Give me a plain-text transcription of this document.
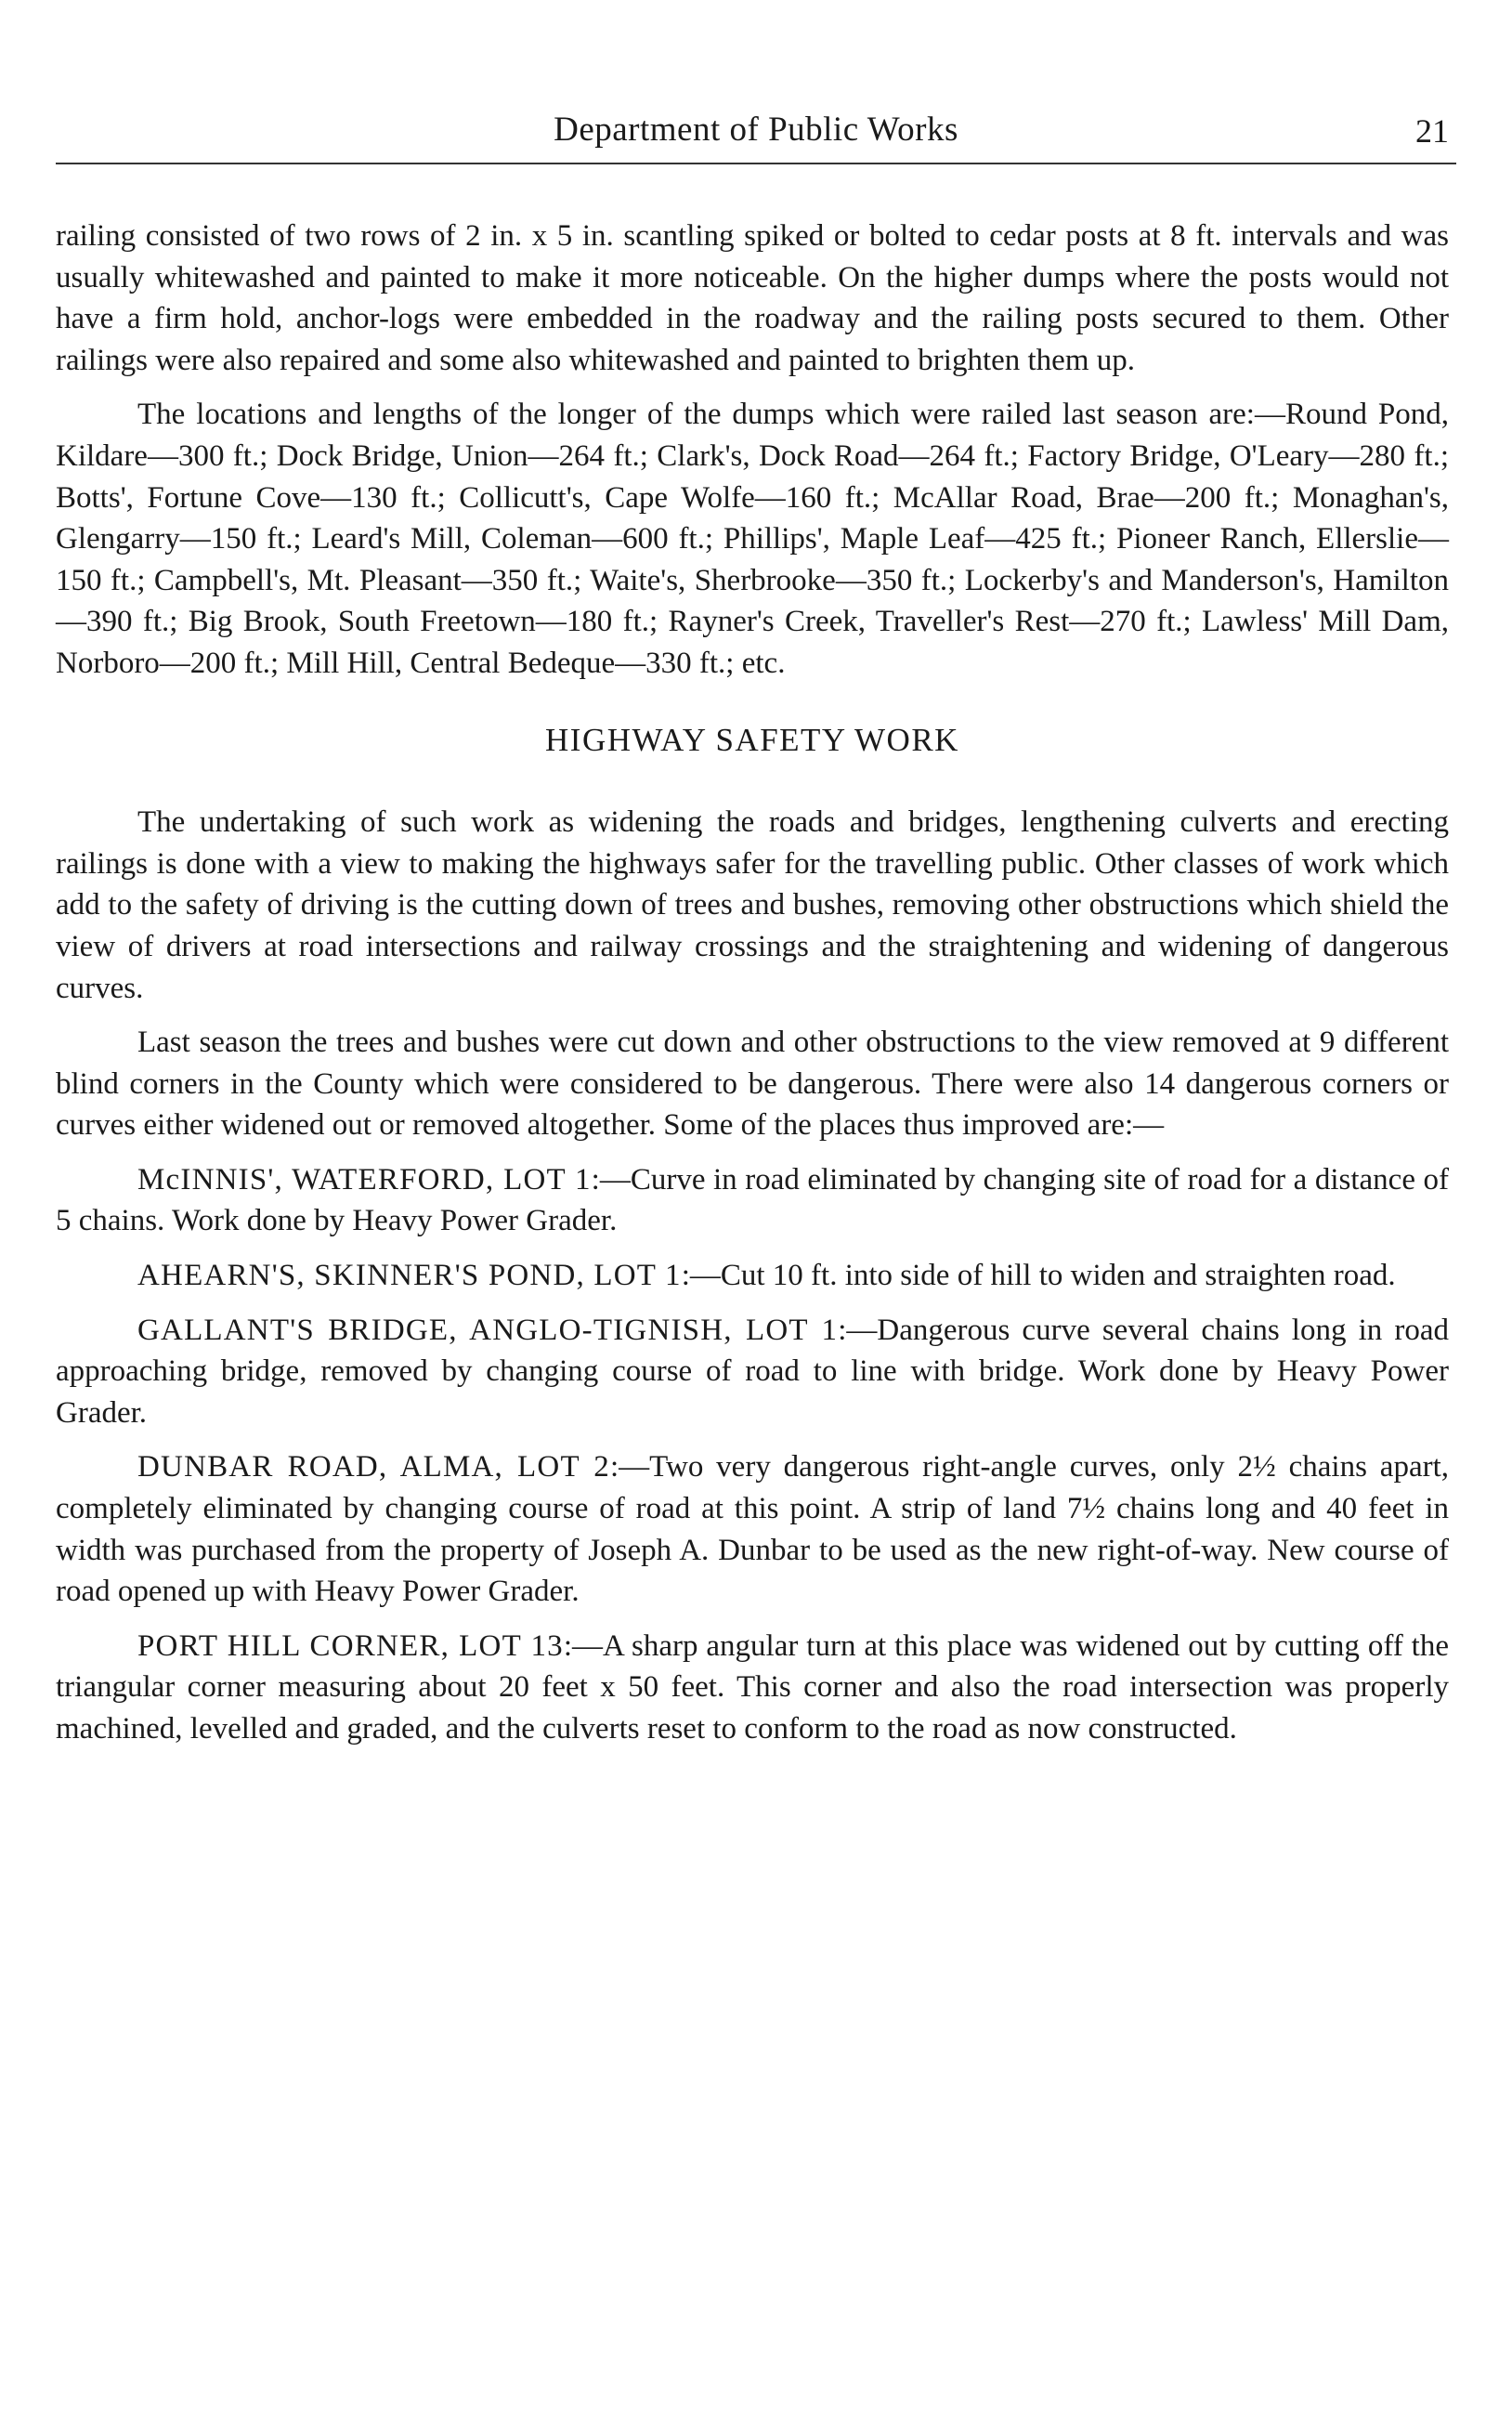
Department of Public Works	21

railing consisted of two rows of 2 in. x 5 in. scantling spiked or bolted to cedar posts at 8 ft. intervals and was usually whitewashed and painted to make it more noticeable. On the higher dumps where the posts would not have a firm hold, anchor-logs were embedded in the roadway and the railing posts secured to them. Other railings were also repaired and some also whitewashed and painted to brighten them up.

The locations and lengths of the longer of the dumps which were railed last season are:—Round Pond, Kildare—300 ft.; Dock Bridge, Union—264 ft.; Clark's, Dock Road—264 ft.; Factory Bridge, O'Leary—280 ft.; Botts', Fortune Cove—130 ft.; Collicutt's, Cape Wolfe—160 ft.; McAllar Road, Brae—200 ft.; Monaghan's, Glengarry—150 ft.; Leard's Mill, Coleman—600 ft.; Phillips', Maple Leaf—425 ft.; Pioneer Ranch, Ellerslie—150 ft.; Campbell's, Mt. Pleasant—350 ft.; Waite's, Sherbrooke—350 ft.; Lockerby's and Manderson's, Hamilton—390 ft.; Big Brook, South Freetown—180 ft.; Rayner's Creek, Traveller's Rest—270 ft.; Lawless' Mill Dam, Norboro—200 ft.; Mill Hill, Central Bedeque—330 ft.; etc.

HIGHWAY SAFETY WORK

The undertaking of such work as widening the roads and bridges, lengthening culverts and erecting railings is done with a view to making the highways safer for the travelling public. Other classes of work which add to the safety of driving is the cutting down of trees and bushes, removing other obstructions which shield the view of drivers at road intersections and railway crossings and the straightening and widening of dangerous curves.

Last season the trees and bushes were cut down and other obstructions to the view removed at 9 different blind corners in the County which were considered to be dangerous. There were also 14 dangerous corners or curves either widened out or removed altogether. Some of the places thus improved are:—

McINNIS', WATERFORD, LOT 1:—Curve in road eliminated by changing site of road for a distance of 5 chains. Work done by Heavy Power Grader.

AHEARN'S, SKINNER'S POND, LOT 1:—Cut 10 ft. into side of hill to widen and straighten road.

GALLANT'S BRIDGE, ANGLO-TIGNISH, LOT 1:—Dangerous curve several chains long in road approaching bridge, removed by changing course of road to line with bridge. Work done by Heavy Power Grader.

DUNBAR ROAD, ALMA, LOT 2:—Two very dangerous right-angle curves, only 2½ chains apart, completely eliminated by changing course of road at this point. A strip of land 7½ chains long and 40 feet in width was purchased from the property of Joseph A. Dunbar to be used as the new right-of-way. New course of road opened up with Heavy Power Grader.

PORT HILL CORNER, LOT 13:—A sharp angular turn at this place was widened out by cutting off the triangular corner measuring about 20 feet x 50 feet. This corner and also the road intersection was properly machined, levelled and graded, and the culverts reset to conform to the road as now constructed.
